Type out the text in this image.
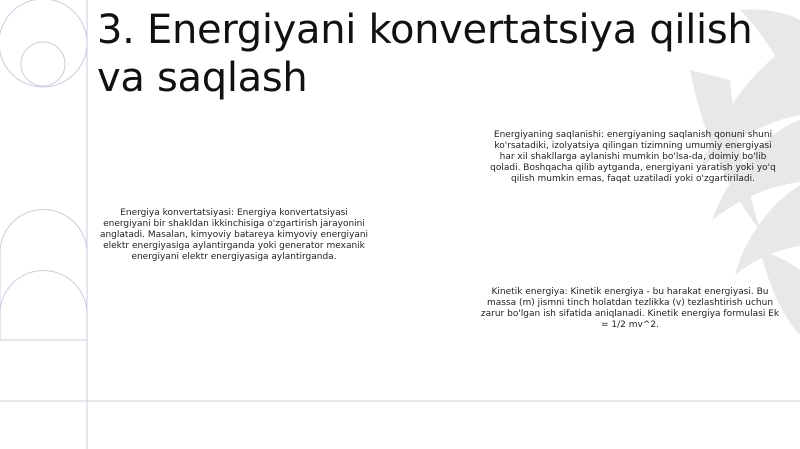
3. Energiyani konvertatsiya qilish va saqlash

Energiyaning saqlanishi: energiyaning saqlanish qonuni shuni ko'rsatadiki, izolyatsiya qilingan tizimning umumiy energiyasi har xil shakllarga aylanishi mumkin bo'lsa-da, doimiy bo'lib qoladi. Boshqacha qilib aytganda, energiyani yaratish yoki yo'q qilish mumkin emas, faqat uzatiladi yoki o'zgartiriladi.

Energiya konvertatsiyasi: Energiya konvertatsiyasi energiyani bir shakldan ikkinchisiga o'zgartirish jarayonini anglatadi. Masalan, kimyoviy batareya kimyoviy energiyani elektr energiyasiga aylantirganda yoki generator mexanik energiyani elektr energiyasiga aylantirganda.

Kinetik energiya: Kinetik energiya - bu harakat energiyasi. Bu massa (m) jismni tinch holatdan tezlikka (v) tezlashtirish uchun zarur bo'lgan ish sifatida aniqlanadi. Kinetik energiya formulasi Ek = 1/2 mv^2.
